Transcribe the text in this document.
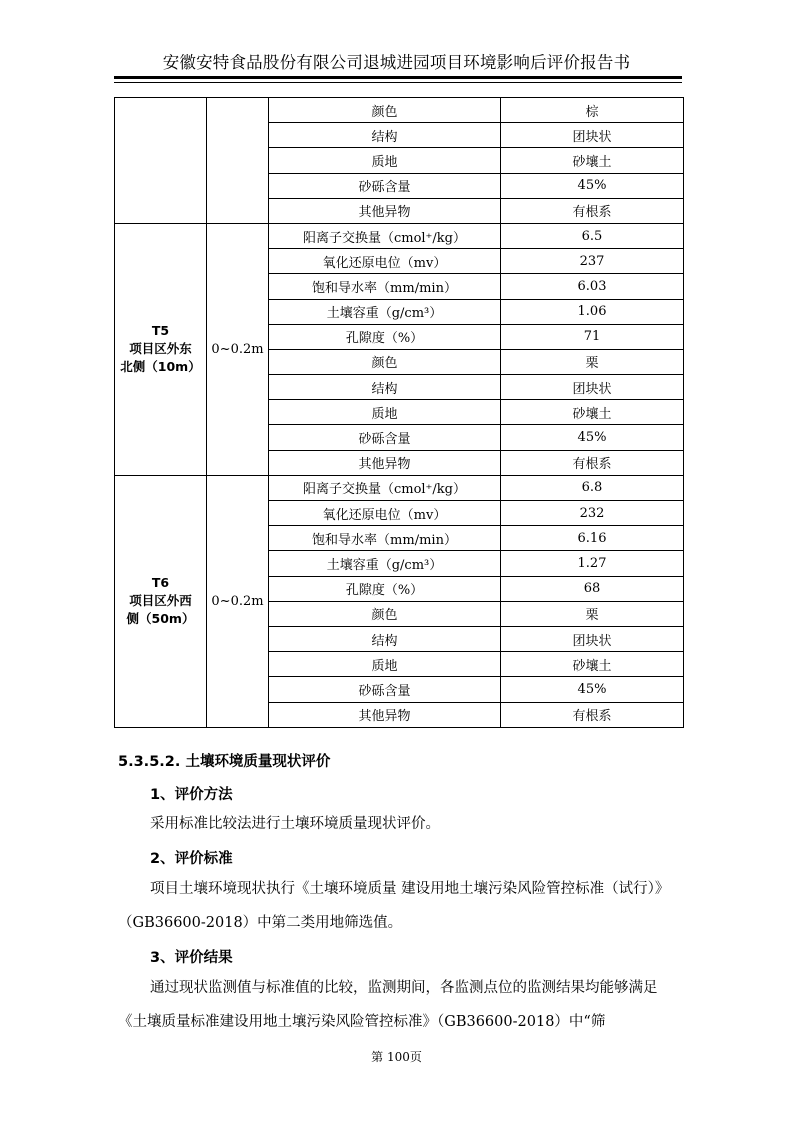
安徽安特食品股份有限公司退城进园项目环境影响后评价报告书
		颜色	棕
		结构	团块状
		质地	砂壤土
		砂砾含量	45%
		其他异物	有根系

T5
项目区外东
北侧（10m）	0~0.2m	阳离子交换量（cmol⁺/kg）	6.5
		氧化还原电位（mv）	237
		饱和导水率（mm/min）	6.03
		土壤容重（g/cm³）	1.06
		孔隙度（%）	71
		颜色	栗
		结构	团块状
		质地	砂壤土
		砂砾含量	45%
		其他异物	有根系

T6
项目区外西
侧（50m）	0~0.2m	阳离子交换量（cmol⁺/kg）	6.8
		氧化还原电位（mv）	232
		饱和导水率（mm/min）	6.16
		土壤容重（g/cm³）	1.27
		孔隙度（%）	68
		颜色	栗
		结构	团块状
		质地	砂壤土
		砂砾含量	45%
		其他异物	有根系
5.3.5.2. 土壤环境质量现状评价
1、评价方法
采用标准比较法进行土壤环境质量现状评价。
2、评价标准
项目土壤环境现状执行《土壤环境质量 建设用地土壤污染风险管控标准（试行）》（GB36600-2018）中第二类用地筛选值。
3、评价结果
通过现状监测值与标准值的比较，监测期间，各监测点位的监测结果均能够满足《土壤质量标准建设用地土壤污染风险管控标准》（GB36600-2018）中“筛
第 100页
